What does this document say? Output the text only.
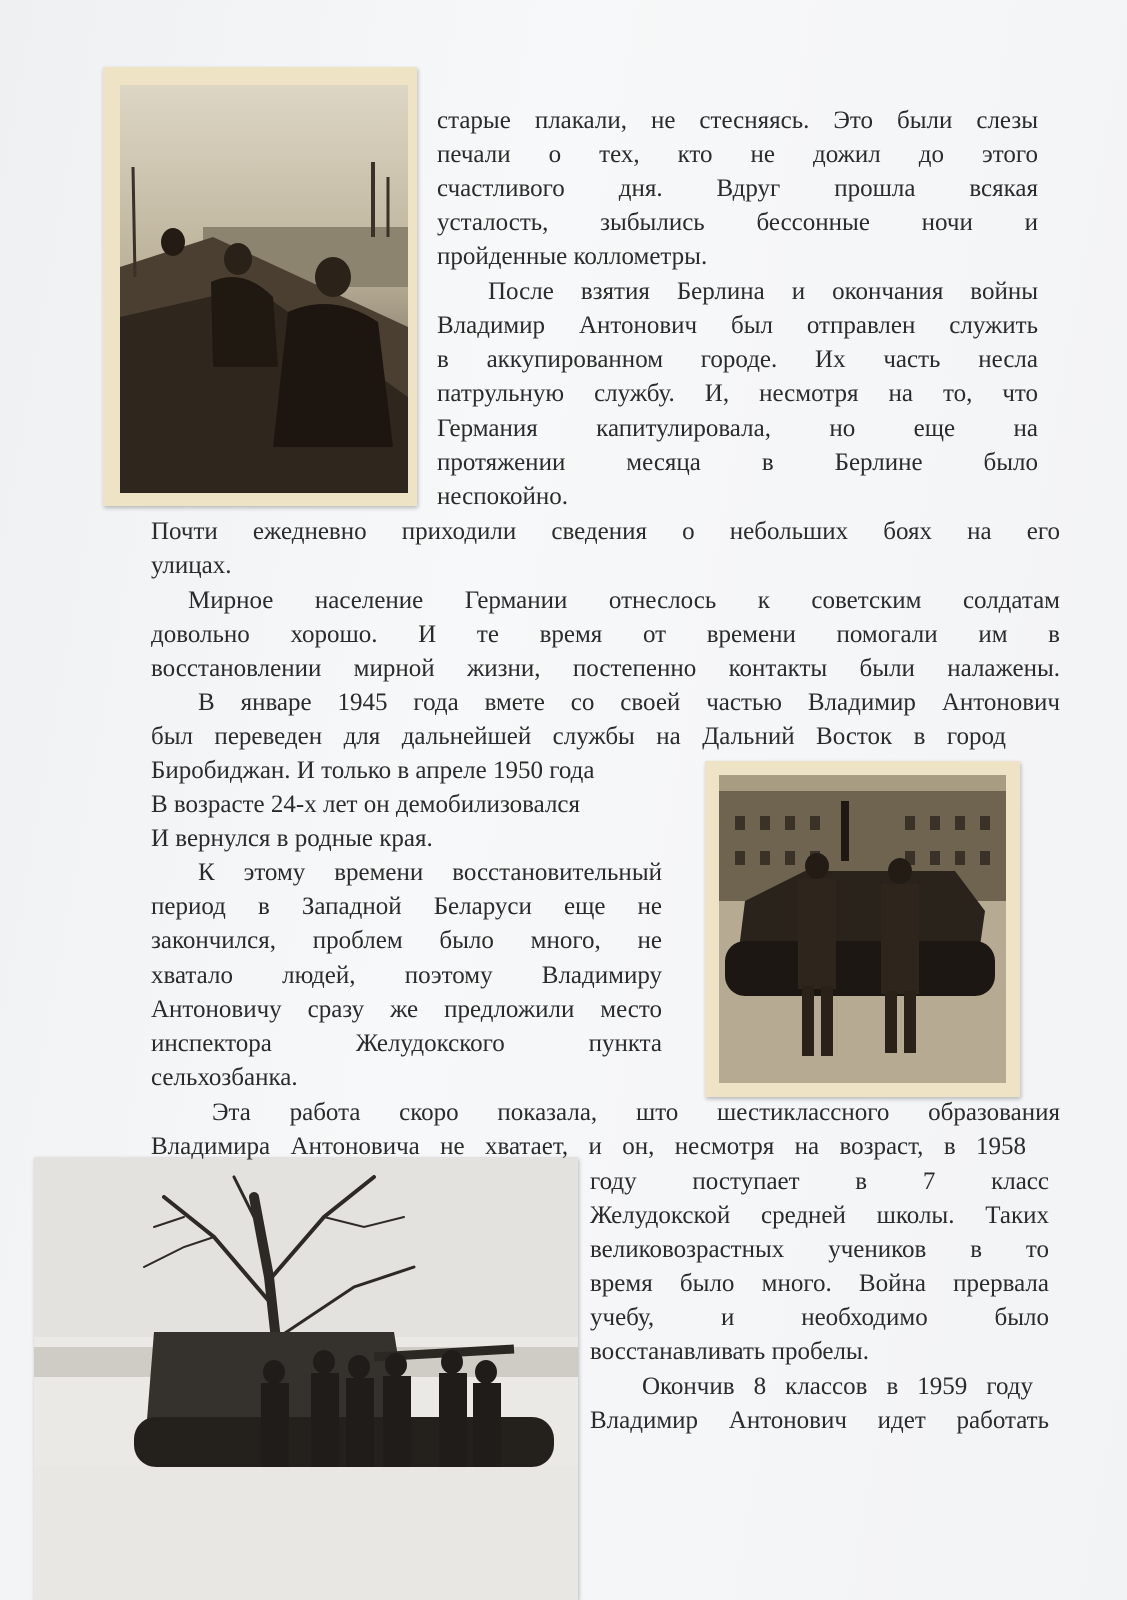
старые плакали, не стесняясь. Это были слезы
печали о тех, кто не дожил до этого
счастливого дня. Вдруг прошла всякая
усталость, зыбылись бессонные ночи и
пройденные коллометры.
После взятия Берлина и окончания войны
Владимир Антонович был отправлен служить
в аккупированном городе. Их часть несла
патрульную службу. И, несмотря на то, что
Германия капитулировала, но еще на
протяжении месяца в Берлине было
неспокойно.
Почти ежедневно приходили сведения о небольших боях на его
улицах.
Мирное население Германии отнеслось к советским солдатам
довольно хорошо. И те время от времени помогали им в
восстановлении мирной жизни, постепенно контакты были налажены.
В январе 1945 года вмете со своей частью Владимир Антонович
был переведен для дальнейшей службы на Дальний Восток в город
Биробиджан. И только в апреле 1950 года
В возрасте 24-х лет он демобилизовался
И вернулся в родные края.
К этому времени восстановительный
период в Западной Беларуси еще не
закончился, проблем было много, не
хватало людей, поэтому Владимиру
Антоновичу сразу же предложили место
инспектора Желудокского пункта
сельхозбанка.
Эта работа скоро показала, што шестиклассного образования
Владимира Антоновича не хватает, и он, несмотря на возраст, в 1958
году поступает в 7 класс
Желудокской средней школы. Таких
великовозрастных учеников в то
время было много. Война прервала
учебу, и необходимо было
восстанавливать пробелы.
Окончив 8 классов в 1959 году
Владимир Антонович идет работать
